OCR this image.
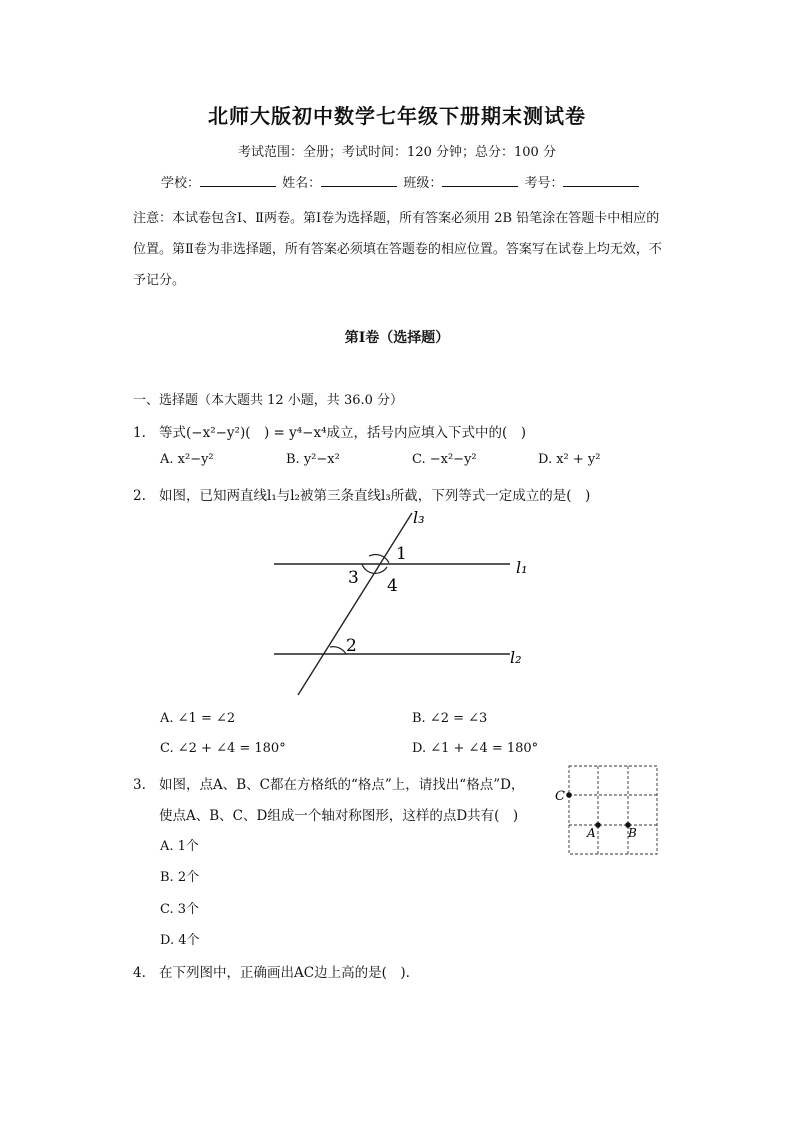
北师大版初中数学七年级下册期末测试卷
考试范围：全册；考试时间：120 分钟；总分：100 分
学校：	姓名：	班级：	考号：
注意：本试卷包含Ⅰ、Ⅱ两卷。第Ⅰ卷为选择题，所有答案必须用 2B 铅笔涂在答题卡中相应的位置。第Ⅱ卷为非选择题，所有答案必须填在答题卷的相应位置。答案写在试卷上均无效，不予记分。
第Ⅰ卷（选择题）
一、选择题（本大题共 12 小题，共 36.0 分）
1. 等式(−x²−y²)(　) = y⁴−x⁴成立，括号内应填入下式中的(　)
A. x²−y²	B. y²−x²	C. −x²−y²	D. x² + y²
2. 如图，已知两直线l₁与l₂被第三条直线l₃所截，下列等式一定成立的是(　)
l₃
l₁
l₂
1
2
3 4
A. ∠1 = ∠2	B. ∠2 = ∠3
C. ∠2 + ∠4 = 180°	D. ∠1 + ∠4 = 180°
3. 如图，点A、B、C都在方格纸的“格点”上，请找出“格点”D，
使点A、B、C、D组成一个轴对称图形，这样的点D共有(　)
C
A	B
A. 1个
B. 2个
C. 3个
D. 4个
4. 在下列图中，正确画出AC边上高的是(　).
